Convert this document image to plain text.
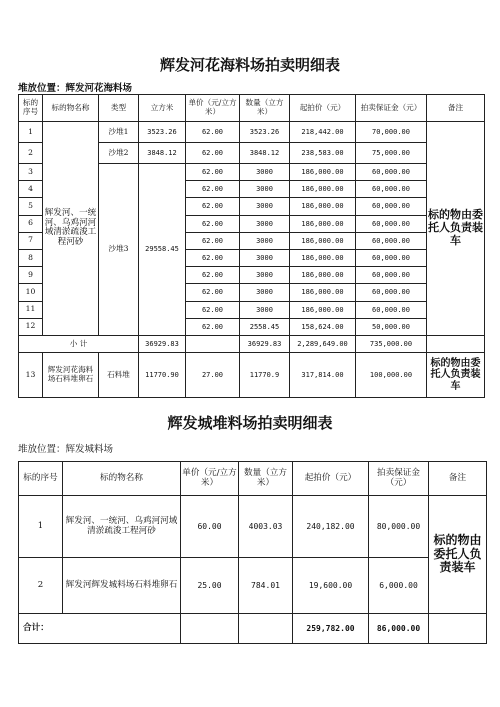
辉发河花海料场拍卖明细表
堆放位置：辉发河花海料场
标的序号	标的物名称	类型	立方米	单价（元/立方米）	数量（立方米）	起拍价（元）	拍卖保证金（元）	备注
1	辉发河、一统河、乌鸡河河域清淤疏浚工程河砂	沙堆1	3523.26	62.00	3523.26	218,442.00	70,000.00	标的物由委托人负责装车
2		沙堆2	3848.12	62.00	3848.12	238,583.00	75,000.00	
3		沙堆3	29558.45	62.00	3000	186,000.00	60,000.00	
4				62.00	3000	186,000.00	60,000.00	
5				62.00	3000	186,000.00	60,000.00	
6				62.00	3000	186,000.00	60,000.00	
7				62.00	3000	186,000.00	60,000.00	
8				62.00	3000	186,000.00	60,000.00	
9				62.00	3000	186,000.00	60,000.00	
10				62.00	3000	186,000.00	60,000.00	
11				62.00	3000	186,000.00	60,000.00	
12				62.00	2558.45	158,624.00	50,000.00	
小 计			36929.83		36929.83	2,289,649.00	735,000.00	
13	辉发河花海料场石料堆卵石	石料堆	11770.90	27.00	11770.9	317,814.00	100,000.00	标的物由委托人负责装车
辉发城堆料场拍卖明细表
堆放位置：辉发城料场
标的序号	标的物名称	单价（元/立方米）	数量（立方米）	起拍价（元）	拍卖保证金（元）	备注
1	辉发河、一统河、乌鸡河河域清淤疏浚工程河砂	60.00	4003.03	240,182.00	80,000.00	标的物由委托人负责装车
2	辉发河辉发城料场石料堆卵石	25.00	784.01	19,600.00	6,000.00	
合计：				259,782.00	86,000.00	
